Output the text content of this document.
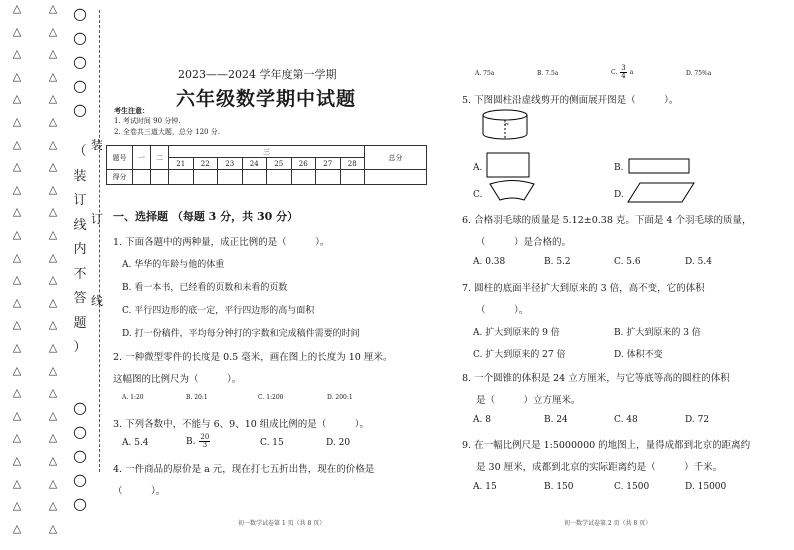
△
△
△
△
△
△
△
△
△
△
△
△
△
△
△
△
△
△
△
△
△
△
△
△
△
△
△
△
△
△
△
△
△
△
△
△
△
△
△
△
△
△
△
△
△
△
△
△
○
○
○
○
○
（
装
订
线
内
不
答
题
）
○
○
○
○
○
装
订
线
2023——2024 学年度第一学期
六年级数学期中试题
考生注意：
1. 考试时间 90 分钟.
2. 全卷共三道大题，总分 120 分.
题号	一	二	三								总分
			21	22	23	24	25	26	27	28	
得分											
一、选择题 （每题 3 分，共 30 分）
1. 下面各题中的两种量，成正比例的是（　　　）。
A. 华华的年龄与他的体重
B. 看一本书，已经看的页数和未看的页数
C. 平行四边形的底一定，平行四边形的高与面积
D. 打一份稿件，平均每分钟打的字数和完成稿件需要的时间
2. 一种微型零件的长度是 0.5 毫米，画在图上的长度为 10 厘米。
这幅图的比例尺为（　　　）。
A. 1:20	B. 20:1	C. 1:200	D. 200:1
3. 下列各数中，不能与 6、9、10 组成比例的是（　　　）。
A. 5.4	B. $\frac{20}{3}$	C. 15	D. 20
4. 一件商品的原价是 a 元，现在打七五折出售，现在的价格是
（　　　）。
初一数学试卷第 1 页（共 8 页）
A. 75a	B. 7.5a	C. $\frac{3}{4}$ a	D. 75%a
5. 下图圆柱沿虚线剪开的侧面展开图是（　　　）。
✂
A.	B.
C.	D.
6. 合格羽毛球的质量是 5.12±0.38 克。下面是 4 个羽毛球的质量，
（　　　）是合格的。
A. 0.38	B. 5.2	C. 5.6	D. 5.4
7. 圆柱的底面半径扩大到原来的 3 倍，高不变，它的体积
（　　　）。
A. 扩大到原来的 9 倍	B. 扩大到原来的 3 倍
C. 扩大到原来的 27 倍	D. 体积不变
8. 一个圆锥的体积是 24 立方厘米，与它等底等高的圆柱的体积
是（　　　）立方厘米。
A. 8	B. 24	C. 48	D. 72
9. 在一幅比例尺是 1:5000000 的地图上，量得成都到北京的距离约
是 30 厘米，成都到北京的实际距离约是（　　　）千米。
A. 15	B. 150	C. 1500	D. 15000
初一数学试卷第 2 页（共 8 页）
